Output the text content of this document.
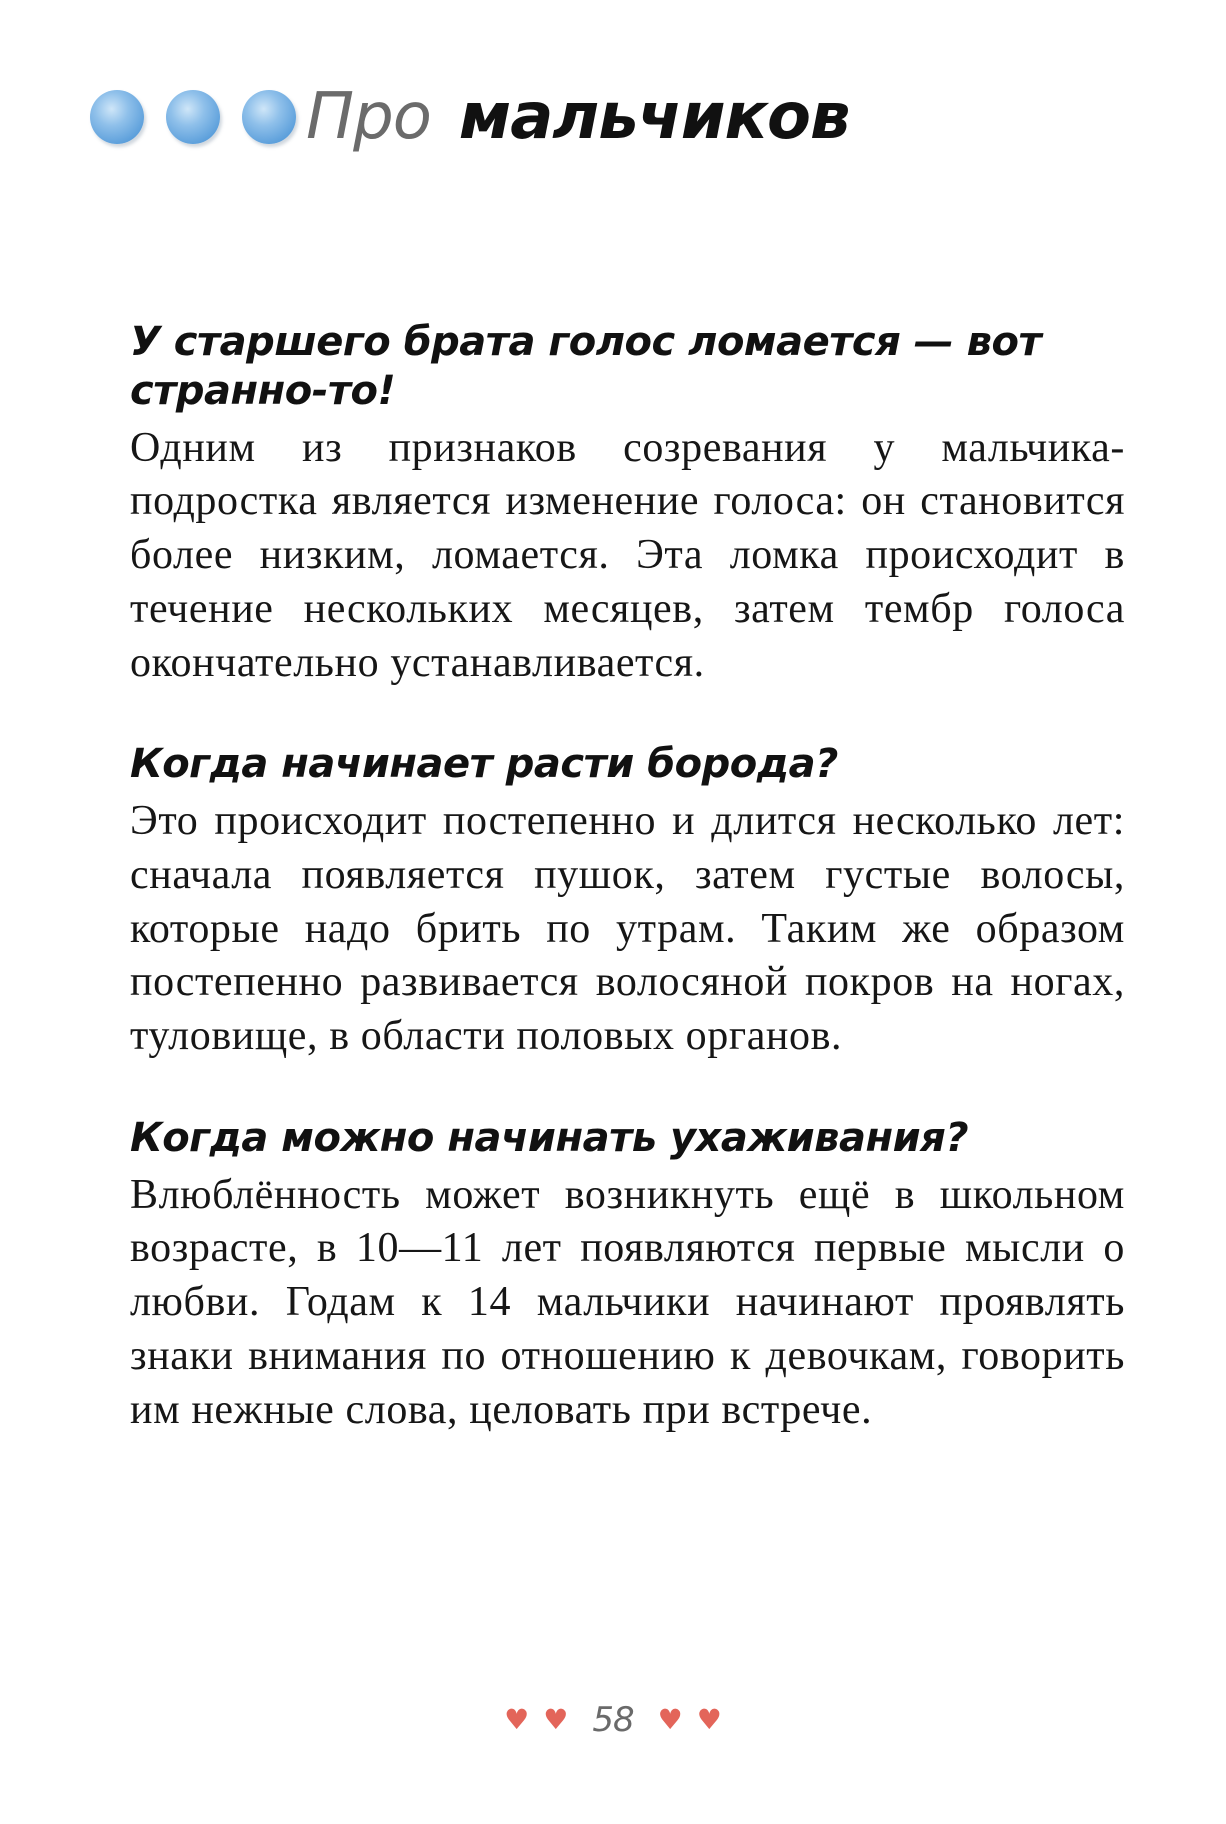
Про мальчиков
У старшего брата голос ломается — вот странно-то!

Одним из признаков созревания у мальчика-подростка является изменение голоса: он становится более низким, ломается. Эта ломка происходит в течение нескольких месяцев, затем тембр голоса окончательно устанавливается.

Когда начинает расти борода?

Это происходит постепенно и длится несколько лет: сначала появляется пушок, затем густые волосы, которые надо брить по утрам. Таким же образом постепенно развивается волосяной покров на ногах, туловище, в области половых органов.

Когда можно начинать ухаживания?

Влюблённость может возникнуть ещё в школьном возрасте, в 10—11 лет появляются первые мысли о любви. Годам к 14 мальчики начинают проявлять знаки внимания по отношению к девочкам, говорить им нежные слова, целовать при встрече.

♥ ♥ 58 ♥ ♥
